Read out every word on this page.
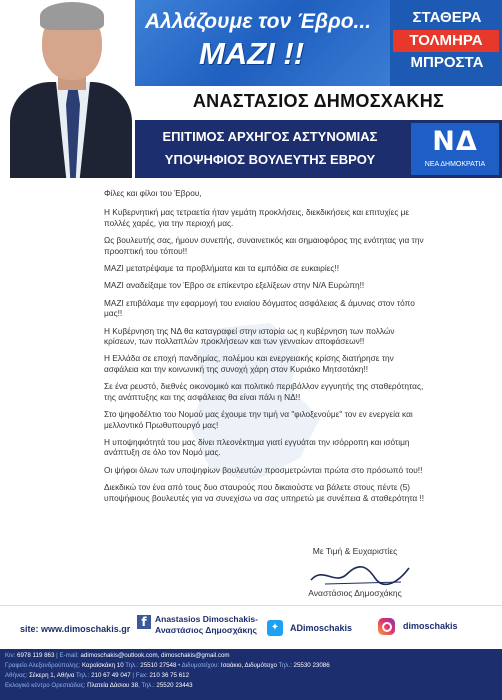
Αλλάζουμε τον Έβρο...
ΜΑΖΙ !!
ΣΤΑΘΕΡΑ
ΤΟΛΜΗΡΑ
ΜΠΡΟΣΤΑ
ΑΝΑΣΤΑΣΙΟΣ ΔΗΜΟΣΧΑΚΗΣ
ΕΠΙΤΙΜΟΣ ΑΡΧΗΓΟΣ ΑΣΤΥΝΟΜΙΑΣ
ΥΠΟΨΗΦΙΟΣ ΒΟΥΛΕΥΤΗΣ ΕΒΡΟΥ
ΝΔ
ΝΕΑ ΔΗΜΟΚΡΑΤΙΑ

Φίλες και φίλοι του Έβρου,

Η Κυβερνητική μας τετραετία ήταν γεμάτη προκλήσεις, διεκδικήσεις και επιτυχίες με πολλές χαρές, για την περιοχή μας.

Ως βουλευτής σας, ήμουν συνεπής, συναινετικός και σημαιοφόρος της ενότητας για την προοπτική του τόπου!!

ΜΑΖΙ μετατρέψαμε τα προβλήματα και τα εμπόδια σε ευκαιρίες!!

ΜΑΖΙ αναδείξαμε τον Έβρο σε επίκεντρο εξελίξεων στην Ν/Α Ευρώπη!!

ΜΑΖΙ επιβάλαμε την εφαρμογή του ενιαίου δόγματος ασφάλειας & άμυνας στον τόπο μας!!

Η Κυβέρνηση της ΝΔ θα καταγραφεί στην ιστορία ως η κυβέρνηση των πολλών κρίσεων, των πολλαπλών προκλήσεων και των γενναίων αποφάσεων!!

Η Ελλάδα σε εποχή πανδημίας, πολέμου και ενεργειακής κρίσης διατήρησε την ασφάλεια και την κοινωνική της συνοχή χάρη στον Κυριάκο Μητσοτάκη!!

Σε ένα ρευστό, διεθνές οικονομικό και πολιτικό περιβάλλον εγγυητής της σταθερότητας, της ανάπτυξης και της ασφάλειας θα είναι πάλι η ΝΔ!!

Στο ψηφοδέλτιο του Νομού μας έχουμε την τιμή να "φιλοξενούμε" τον εν ενεργεία και μελλοντικό Πρωθυπουργό μας!

Η υποψηφιότητά του μας δίνει πλεονέκτημα γιατί εγγυάται την ισόρροπη και ισότιμη ανάπτυξη σε όλο τον Νομό μας.

Οι ψήφοι όλων των υποψηφίων βουλευτών προσμετρώνται πρώτα στο πρόσωπό του!!

Διεκδικώ τον ένα από τους δυο σταυρούς που δικαιούστε να βάλετε στους πέντε (5) υποψήφιους βουλευτές για να συνεχίσω να σας υπηρετώ με συνέπεια & σταθερότητα !!

Με Τιμή & Ευχαριστίες
Αναστάσιος Δημοσχάκης
site: www.dimoschakis.gr f Anastasios Dimoschakis-
Αναστάσιος Δημοσχάκης	✦	ADimoschakis	dimoschakis
Κιν: 6978 119 863 | E-mail: adimoschakis@outlook.com, dimoschakis@gmail.com
Γραφείο Αλεξανδρούπολης: Καραϊσκάκη 10 Τηλ.: 25510 27548 • Διδυμοτείχου: Ισαάκιο, Διδυμότειχο Τηλ.: 25530 23086
Αθήνας: Σέκερη 1, Αθήνα Τηλ.: 210 67 49 047 | Fax: 210 36 75 612
Εκλογικό κέντρο Ορεστιάδας: Πλατεία Δάσιου 38, Τηλ.: 25520 23443
